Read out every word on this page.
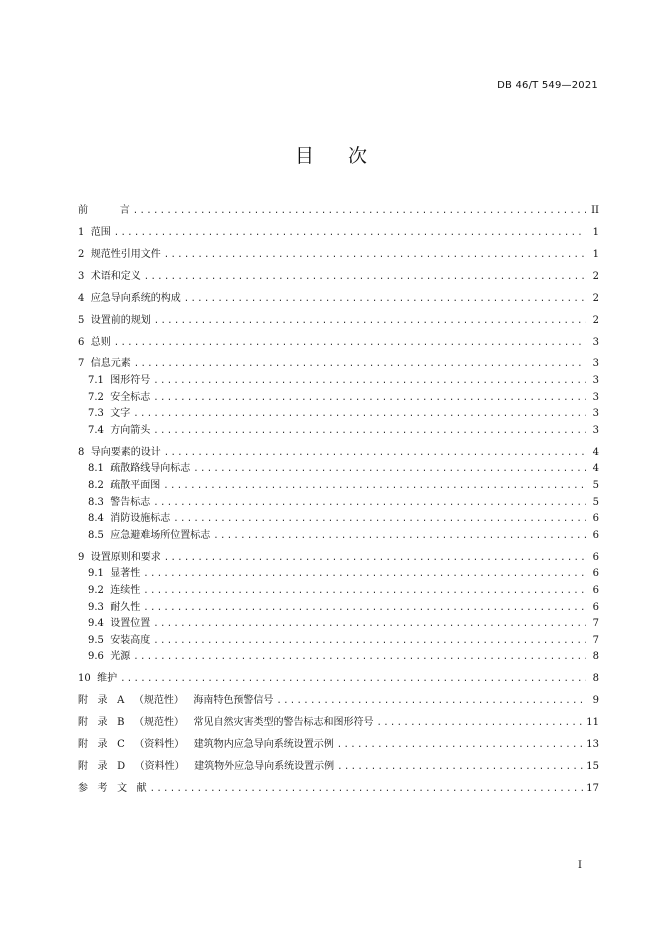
DB 46/T 549—2021
目 次
前          言 .....	II
1  范围 .....	1
2  规范性引用文件 .....	1
3  术语和定义 .....	2
4  应急导向系统的构成 .....	2
5  设置前的规划 .....	2
6  总则 .....	3
7  信息元素 .....	3
7.1  图形符号 .....	3
7.2  安全标志 .....	3
7.3  文字 .....	3
7.4  方向箭头 .....	3
8  导向要素的设计 .....	4
8.1  疏散路线导向标志 .....	4
8.2  疏散平面图 .....	5
8.3  警告标志 .....	5
8.4  消防设施标志 .....	6
8.5  应急避难场所位置标志 .....	6
9  设置原则和要求 .....	6
9.1  显著性 .....	6
9.2  连续性 .....	6
9.3  耐久性 .....	6
9.4  设置位置 .....	7
9.5  安装高度 .....	7
9.6  光源 .....	8
10  维护 .....	8
附   录   A   （规范性）   海南特色预警信号 .....	9
附   录   B   （规范性）   常见自然灾害类型的警告标志和图形符号 .....	11
附   录   C   （资料性）   建筑物内应急导向系统设置示例 .....	13
附   录   D   （资料性）   建筑物外应急导向系统设置示例 .....	15
参   考   文   献 .....	17
I
